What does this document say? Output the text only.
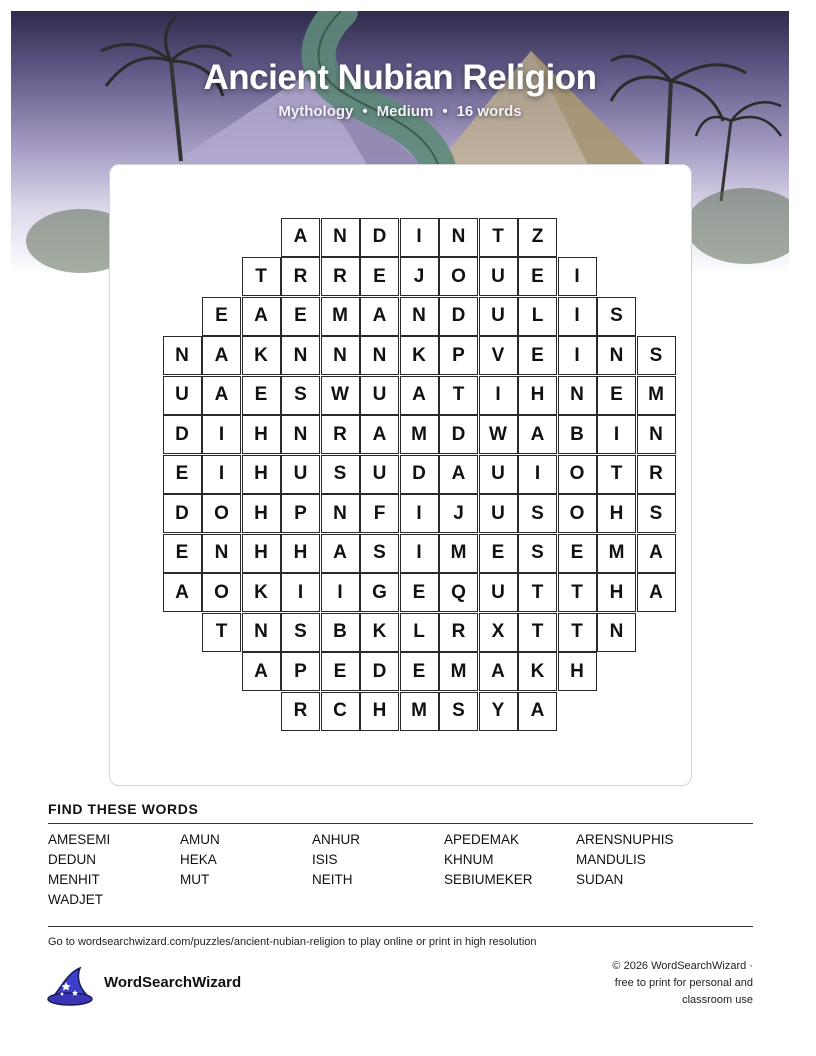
Ancient Nubian Religion
Mythology • Medium • 16 words
A	N	D	I	N	T	Z
T	R	R	E	J	O	U	E	I
E	A	E	M	A	N	D	U	L	I	S
N	A	K	N	N	N	K	P	V	E	I	N	S
U	A	E	S	W	U	A	T	I	H	N	E	M
D	I	H	N	R	A	M	D	W	A	B	I	N
E	I	H	U	S	U	D	A	U	I	O	T	R
D	O	H	P	N	F	I	J	U	S	O	H	S
E	N	H	H	A	S	I	M	E	S	E	M	A
A	O	K	I	I	G	E	Q	U	T	T	H	A
T	N	S	B	K	L	R	X	T	T	N
A	P	E	D	E	M	A	K	H
R	C	H	M	S	Y	A
FIND THESE WORDS
AMESEMI	AMUN	ANHUR	APEDEMAK	ARENSNUPHIS
DEDUN	HEKA	ISIS	KHNUM	MANDULIS
MENHIT	MUT	NEITH	SEBIUMEKER	SUDAN
WADJET
Go to wordsearchwizard.com/puzzles/ancient-nubian-religion to play online or print in high resolution
WordSearchWizard
© 2026 WordSearchWizard ·
free to print for personal and
classroom use
